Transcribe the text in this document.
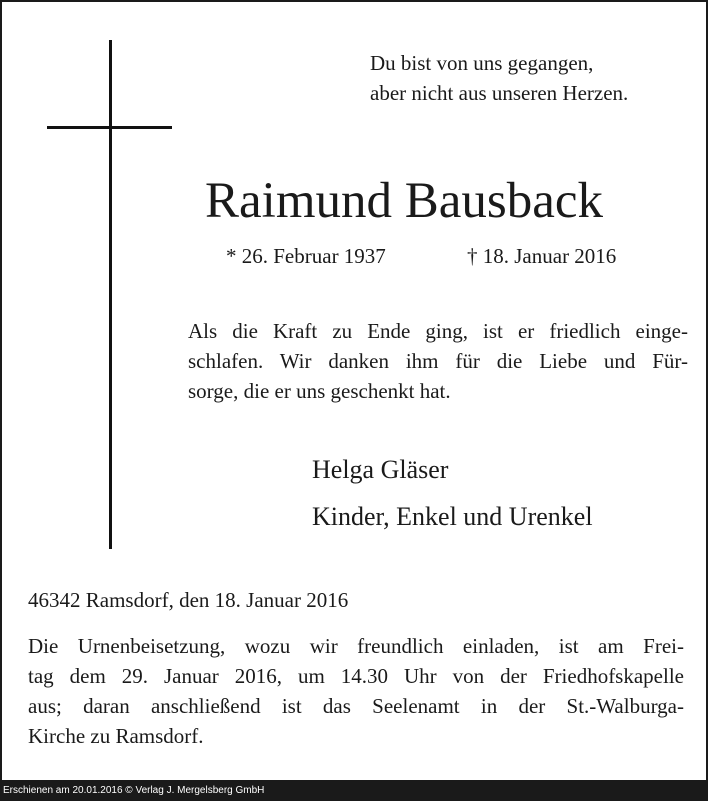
Du bist von uns gegangen,
aber nicht aus unseren Herzen.
Raimund Bausback
* 26. Februar 1937	† 18. Januar 2016
Als die Kraft zu Ende ging, ist er friedlich einge-
schlafen. Wir danken ihm für die Liebe und Für-
sorge, die er uns geschenkt hat.
Helga Gläser
Kinder, Enkel und Urenkel
46342 Ramsdorf, den 18. Januar 2016
Die Urnenbeisetzung, wozu wir freundlich einladen, ist am Frei-
tag dem 29. Januar 2016, um 14.30 Uhr von der Friedhofskapelle
aus; daran anschließend ist das Seelenamt in der St.-Walburga-
Kirche zu Ramsdorf.
Erschienen am 20.01.2016 © Verlag J. Mergelsberg GmbH
